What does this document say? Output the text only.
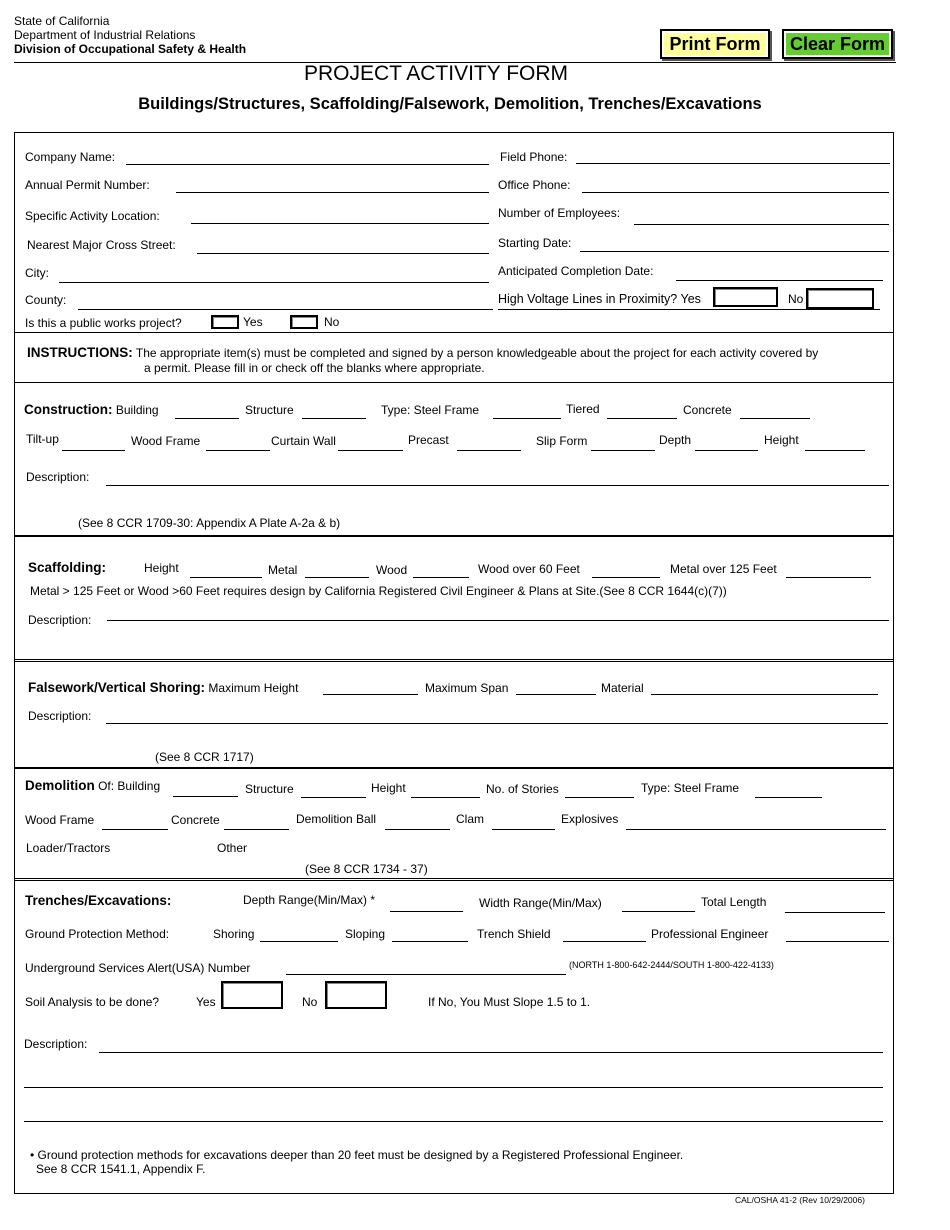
State of California
Department of Industrial Relations
Division of Occupational Safety & Health	Print Form	Clear Form
PROJECT ACTIVITY FORM
Buildings/Structures, Scaffolding/Falsework, Demolition, Trenches/Excavations
Company Name:	Field Phone:
Annual Permit Number:	Office Phone:
Specific Activity Location:	Number of Employees:
Nearest Major Cross Street:	Starting Date:
City:	Anticipated Completion Date:
County:	High Voltage Lines in Proximity? Yes	No
Is this a public works project?	Yes	No
INSTRUCTIONS: The appropriate item(s) must be completed and signed by a person knowledgeable about the project for each activity covered by
a permit. Please fill in or check off the blanks where appropriate.
Construction: Building	Structure	Type: Steel Frame	Tiered	Concrete
Tilt-up	Wood Frame	Curtain Wall	Precast	Slip Form	Depth	Height
Description:
(See 8 CCR 1709-30: Appendix A Plate A-2a & b)
Scaffolding:	Height	Metal	Wood	Wood over 60 Feet	Metal over 125 Feet
Metal > 125 Feet or Wood >60 Feet requires design by California Registered Civil Engineer & Plans at Site.(See 8 CCR 1644(c)(7))
Description:
Falsework/Vertical Shoring: Maximum Height	Maximum Span	Material
Description:
(See 8 CCR 1717)
Demolition Of: Building	Structure	Height	No. of Stories	Type: Steel Frame
Wood Frame	Concrete	Demolition Ball	Clam	Explosives
Loader/Tractors	Other
(See 8 CCR 1734 - 37)
Trenches/Excavations:	Depth Range(Min/Max) *	Width Range(Min/Max)	Total Length
Ground Protection Method:	Shoring	Sloping	Trench Shield	Professional Engineer
Underground Services Alert(USA) Number	(NORTH 1-800-642-2444/SOUTH 1-800-422-4133)
Soil Analysis to be done?	Yes	No	If No, You Must Slope 1.5 to 1.
Description:
• Ground protection methods for excavations deeper than 20 feet must be designed by a Registered Professional Engineer.
See 8 CCR 1541.1, Appendix F.
CAL/OSHA 41-2 (Rev 10/29/2006)
